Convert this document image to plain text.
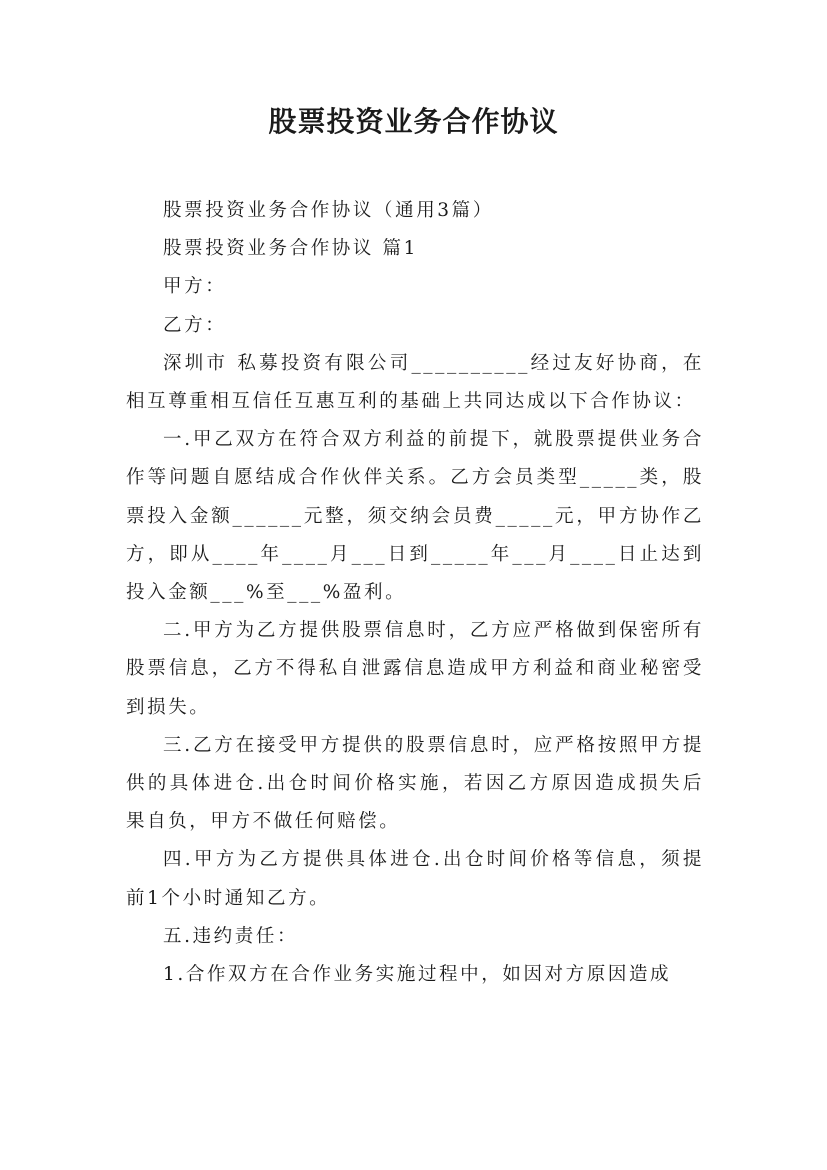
股票投资业务合作协议

股票投资业务合作协议（通用3篇）

股票投资业务合作协议 篇1

甲方：

乙方：

深圳市 私募投资有限公司__________经过友好协商，在相互尊重相互信任互惠互利的基础上共同达成以下合作协议：

一.甲乙双方在符合双方利益的前提下，就股票提供业务合作等问题自愿结成合作伙伴关系。乙方会员类型_____类，股票投入金额______元整，须交纳会员费_____元，甲方协作乙方，即从____年____月___日到_____年___月____日止达到投入金额___%至___%盈利。

二.甲方为乙方提供股票信息时，乙方应严格做到保密所有股票信息，乙方不得私自泄露信息造成甲方利益和商业秘密受到损失。

三.乙方在接受甲方提供的股票信息时，应严格按照甲方提供的具体进仓.出仓时间价格实施，若因乙方原因造成损失后果自负，甲方不做任何赔偿。

四.甲方为乙方提供具体进仓.出仓时间价格等信息，须提前1个小时通知乙方。

五.违约责任：

1.合作双方在合作业务实施过程中，如因对方原因造成
